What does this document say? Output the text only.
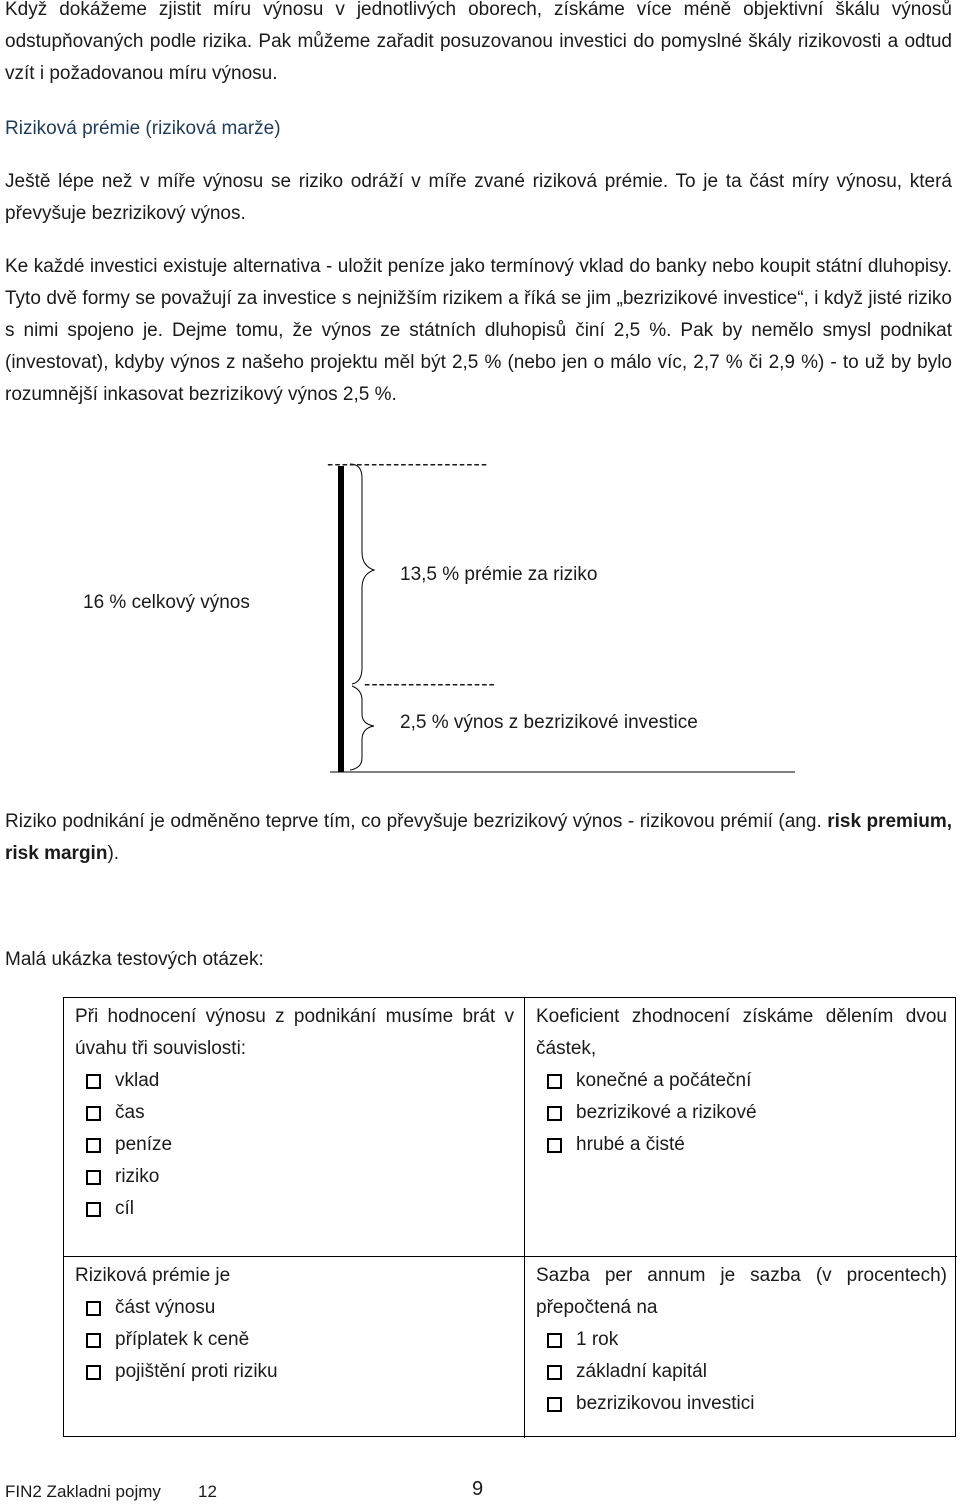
Když dokážeme zjistit míru výnosu v jednotlivých oborech, získáme více méně objektivní škálu výnosů odstupňovaných podle rizika. Pak můžeme zařadit posuzovanou investici do pomyslné škály rizikovosti a odtud vzít i požadovanou míru výnosu.

Riziková prémie (riziková marže)

Ještě lépe než v míře výnosu se riziko odráží v míře zvané riziková prémie. To je ta část míry výnosu, která převyšuje bezrizikový výnos.

Ke každé investici existuje alternativa - uložit peníze jako termínový vklad do banky nebo koupit státní dluhopisy. Tyto dvě formy se považují za investice s nejnižším rizikem a říká se jim „bezrizikové investice“, i když jisté riziko s nimi spojeno je. Dejme tomu, že výnos ze státních dluhopisů činí 2,5 %. Pak by nemělo smysl podnikat (investovat), kdyby výnos z našeho projektu měl být 2,5 % (nebo jen o málo víc, 2,7 % či 2,9 %) - to už by bylo rozumnější inkasovat bezrizikový výnos 2,5 %.

----------------------
------------------
16 % celkový výnos
13,5 % prémie za riziko
2,5 % výnos z bezrizikové investice

Riziko podnikání je odměněno teprve tím, co převyšuje bezrizikový výnos - rizikovou prémií (ang. risk premium, risk margin).

Malá ukázka testových otázek:

Při hodnocení výnosu z podnikání musíme brát v úvahu tři souvislosti:
vklad
čas
peníze
riziko
cíl
Koeficient zhodnocení získáme dělením dvou částek,
konečné a počáteční
bezrizikové a rizikové
hrubé a čisté
Riziková prémie je
část výnosu
příplatek k ceně
pojištění proti riziku
Sazba per annum je sazba (v procentech) přepočtená na
1 rok
základní kapitál
bezrizikovou investici
FIN2 Zakladni pojmy 12	9
